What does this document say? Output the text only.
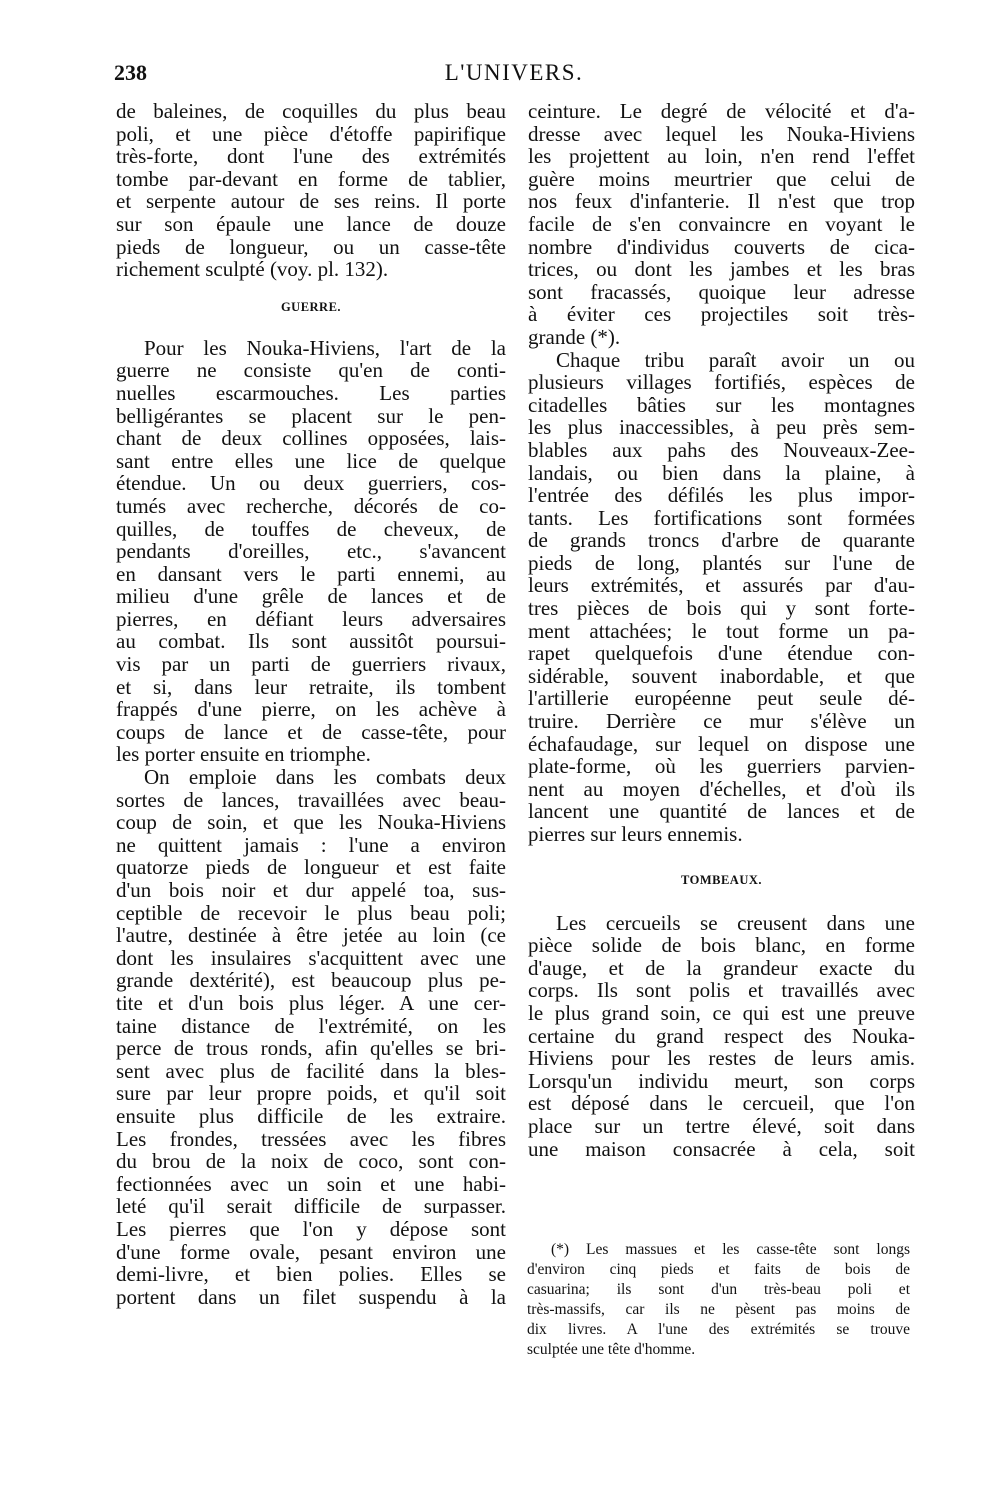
238	L'UNIVERS.
de baleines, de coquilles du plus beau
poli, et une pièce d'étoffe papirifique
très-forte, dont l'une des extrémités
tombe par-devant en forme de tablier,
et serpente autour de ses reins. Il porte
sur son épaule une lance de douze
pieds de longueur, ou un casse-tête
richement sculpté (voy. pl. 132).
GUERRE.
Pour les Nouka-Hiviens, l'art de la
guerre ne consiste qu'en de conti-
nuelles escarmouches. Les parties
belligérantes se placent sur le pen-
chant de deux collines opposées, lais-
sant entre elles une lice de quelque
étendue. Un ou deux guerriers, cos-
tumés avec recherche, décorés de co-
quilles, de touffes de cheveux, de
pendants d'oreilles, etc., s'avancent
en dansant vers le parti ennemi, au
milieu d'une grêle de lances et de
pierres, en défiant leurs adversaires
au combat. Ils sont aussitôt poursui-
vis par un parti de guerriers rivaux,
et si, dans leur retraite, ils tombent
frappés d'une pierre, on les achève à
coups de lance et de casse-tête, pour
les porter ensuite en triomphe.
On emploie dans les combats deux
sortes de lances, travaillées avec beau-
coup de soin, et que les Nouka-Hiviens
ne quittent jamais : l'une a environ
quatorze pieds de longueur et est faite
d'un bois noir et dur appelé toa, sus-
ceptible de recevoir le plus beau poli;
l'autre, destinée à être jetée au loin (ce
dont les insulaires s'acquittent avec une
grande dextérité), est beaucoup plus pe-
tite et d'un bois plus léger. A une cer-
taine distance de l'extrémité, on les
perce de trous ronds, afin qu'elles se bri-
sent avec plus de facilité dans la bles-
sure par leur propre poids, et qu'il soit
ensuite plus difficile de les extraire.
Les frondes, tressées avec les fibres
du brou de la noix de coco, sont con-
fectionnées avec un soin et une habi-
leté qu'il serait difficile de surpasser.
Les pierres que l'on y dépose sont
d'une forme ovale, pesant environ une
demi-livre, et bien polies. Elles se
portent dans un filet suspendu à la
ceinture. Le degré de vélocité et d'a-
dresse avec lequel les Nouka-Hiviens
les projettent au loin, n'en rend l'effet
guère moins meurtrier que celui de
nos feux d'infanterie. Il n'est que trop
facile de s'en convaincre en voyant le
nombre d'individus couverts de cica-
trices, ou dont les jambes et les bras
sont fracassés, quoique leur adresse
à éviter ces projectiles soit très-
grande (*).
Chaque tribu paraît avoir un ou
plusieurs villages fortifiés, espèces de
citadelles bâties sur les montagnes
les plus inaccessibles, à peu près sem-
blables aux pahs des Nouveaux-Zee-
landais, ou bien dans la plaine, à
l'entrée des défilés les plus impor-
tants. Les fortifications sont formées
de grands troncs d'arbre de quarante
pieds de long, plantés sur l'une de
leurs extrémités, et assurés par d'au-
tres pièces de bois qui y sont forte-
ment attachées; le tout forme un pa-
rapet quelquefois d'une étendue con-
sidérable, souvent inabordable, et que
l'artillerie européenne peut seule dé-
truire. Derrière ce mur s'élève un
échafaudage, sur lequel on dispose une
plate-forme, où les guerriers parvien-
nent au moyen d'échelles, et d'où ils
lancent une quantité de lances et de
pierres sur leurs ennemis.
TOMBEAUX.
Les cercueils se creusent dans une
pièce solide de bois blanc, en forme
d'auge, et de la grandeur exacte du
corps. Ils sont polis et travaillés avec
le plus grand soin, ce qui est une preuve
certaine du grand respect des Nouka-
Hiviens pour les restes de leurs amis.
Lorsqu'un individu meurt, son corps
est déposé dans le cercueil, que l'on
place sur un tertre élevé, soit dans
une maison consacrée à cela, soit
(*) Les massues et les casse-tête sont longs
d'environ cinq pieds et faits de bois de
casuarina; ils sont d'un très-beau poli et
très-massifs, car ils ne pèsent pas moins de
dix livres. A l'une des extrémités se trouve
sculptée une tête d'homme.
